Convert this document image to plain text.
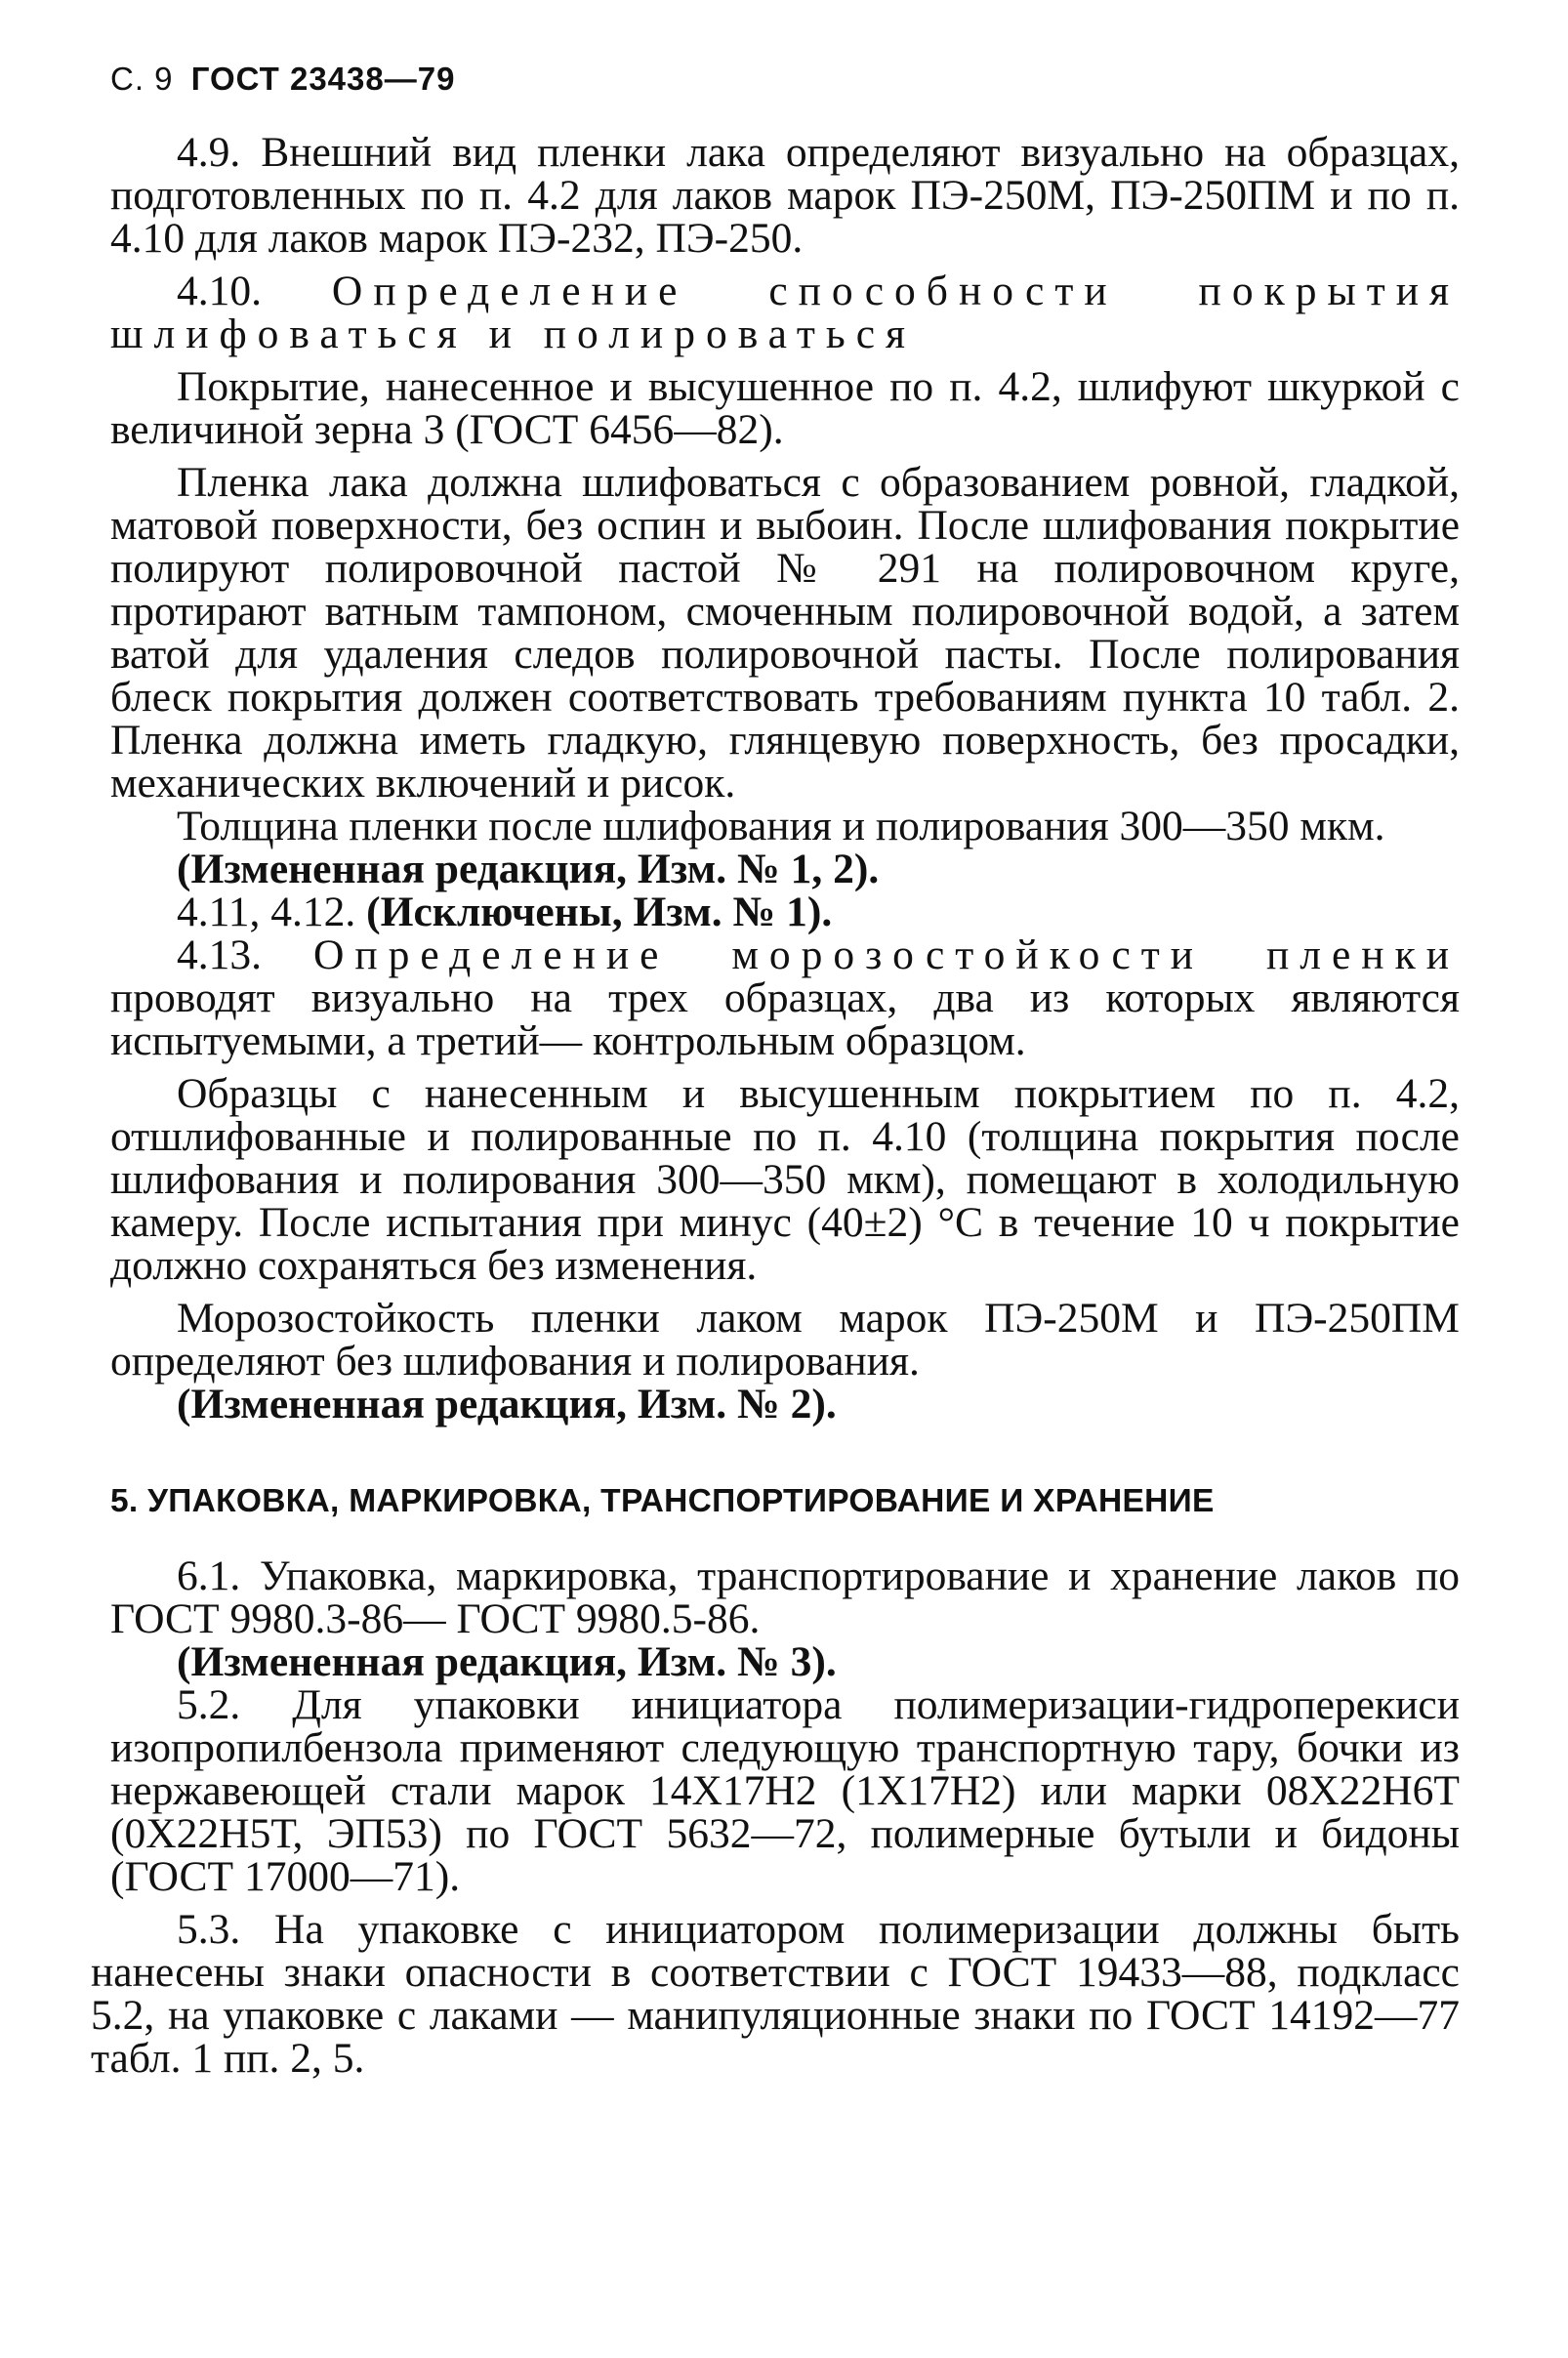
С. 9 ГОСТ 23438—79

4.9. Внешний вид пленки лака определяют визуально на образцах, подготовленных по п. 4.2 для лаков марок ПЭ-250М, ПЭ-250ПМ и по п. 4.10 для лаков марок ПЭ-232, ПЭ-250.

4.10. Определение способности покрытия шлифоваться и полироваться

Покрытие, нанесенное и высушенное по п. 4.2, шлифуют шкуркой с величиной зерна 3 (ГОСТ 6456—82).

Пленка лака должна шлифоваться с образованием ровной, гладкой, матовой поверхности, без оспин и выбоин. После шлифования покрытие полируют полировочной пастой № 291 на полировочном круге, протирают ватным тампоном, смоченным полировочной водой, а затем ватой для удаления следов полировочной пасты. После полирования блеск покрытия должен соответствовать требованиям пункта 10 табл. 2. Пленка должна иметь гладкую, глянцевую поверхность, без просадки, механических включений и рисок.

Толщина пленки после шлифования и полирования 300—350 мкм.

(Измененная редакция, Изм. № 1, 2).

4.11, 4.12. (Исключены, Изм. № 1).

4.13. Определение морозостойкости пленки проводят визуально на трех образцах, два из которых являются испытуемыми, а третий— контрольным образцом.

Образцы с нанесенным и высушенным покрытием по п. 4.2, отшлифованные и полированные по п. 4.10 (толщина покрытия после шлифования и полирования 300—350 мкм), помещают в холодильную камеру. После испытания при минус (40±2) °С в течение 10 ч покрытие должно сохраняться без изменения.

Морозостойкость пленки лаком марок ПЭ-250М и ПЭ-250ПМ определяют без шлифования и полирования.

(Измененная редакция, Изм. № 2).

5. УПАКОВКА, МАРКИРОВКА, ТРАНСПОРТИРОВАНИЕ И ХРАНЕНИЕ

6.1. Упаковка, маркировка, транспортирование и хранение лаков по ГОСТ 9980.3-86— ГОСТ 9980.5-86.

(Измененная редакция, Изм. № 3).

5.2. Для упаковки инициатора полимеризации-гидроперекиси изопропилбензола применяют следующую транспортную тару, бочки из нержавеющей стали марок 14Х17Н2 (1Х17Н2) или марки 08Х22Н6Т (0Х22Н5Т, ЭП53) по ГОСТ 5632—72, полимерные бутыли и бидоны (ГОСТ 17000—71).

5.3. На упаковке с инициатором полимеризации должны быть нанесены знаки опасности в соответствии с ГОСТ 19433—88, подкласс 5.2, на упаковке с лаками — манипуляционные знаки по ГОСТ 14192—77 табл. 1 пп. 2, 5.
